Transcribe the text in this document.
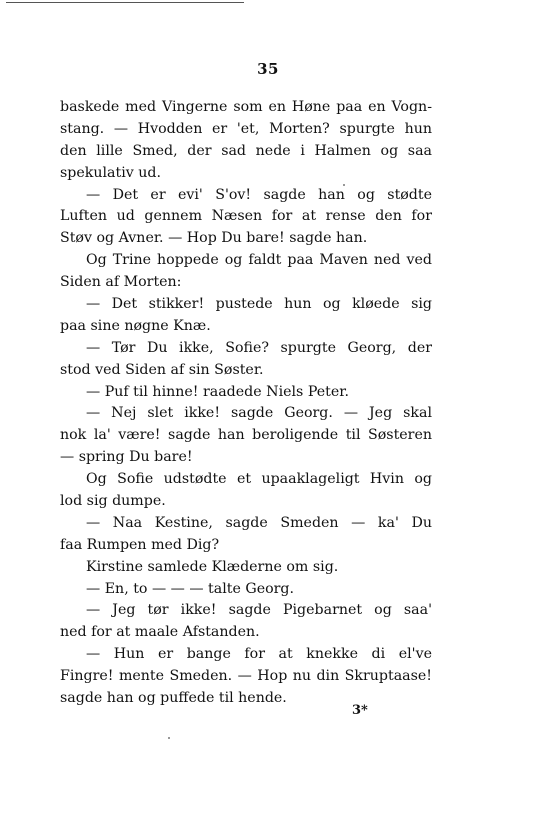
35
baskede med Vingerne som en Høne paa en Vogn-
stang. — Hvodden er 'et, Morten? spurgte hun
den lille Smed, der sad nede i Halmen og saa
spekulativ ud.
— Det er evi' S'ov! sagde han og stødte
Luften ud gennem Næsen for at rense den for
Støv og Avner. — Hop Du bare! sagde han.
Og Trine hoppede og faldt paa Maven ned ved
Siden af Morten:
— Det stikker! pustede hun og kløede sig
paa sine nøgne Knæ.
— Tør Du ikke, Sofie? spurgte Georg, der
stod ved Siden af sin Søster.
— Puf til hinne! raadede Niels Peter.
— Nej slet ikke! sagde Georg. — Jeg skal
nok la' være! sagde han beroligende til Søsteren
— spring Du bare!
Og Sofie udstødte et upaaklageligt Hvin og
lod sig dumpe.
— Naa Kestine, sagde Smeden — ka' Du
faa Rumpen med Dig?
Kirstine samlede Klæderne om sig.
— En, to — — — talte Georg.
— Jeg tør ikke! sagde Pigebarnet og saa'
ned for at maale Afstanden.
— Hun er bange for at knekke di el've
Fingre! mente Smeden. — Hop nu din Skruptaase!
sagde han og puffede til hende.
3*
